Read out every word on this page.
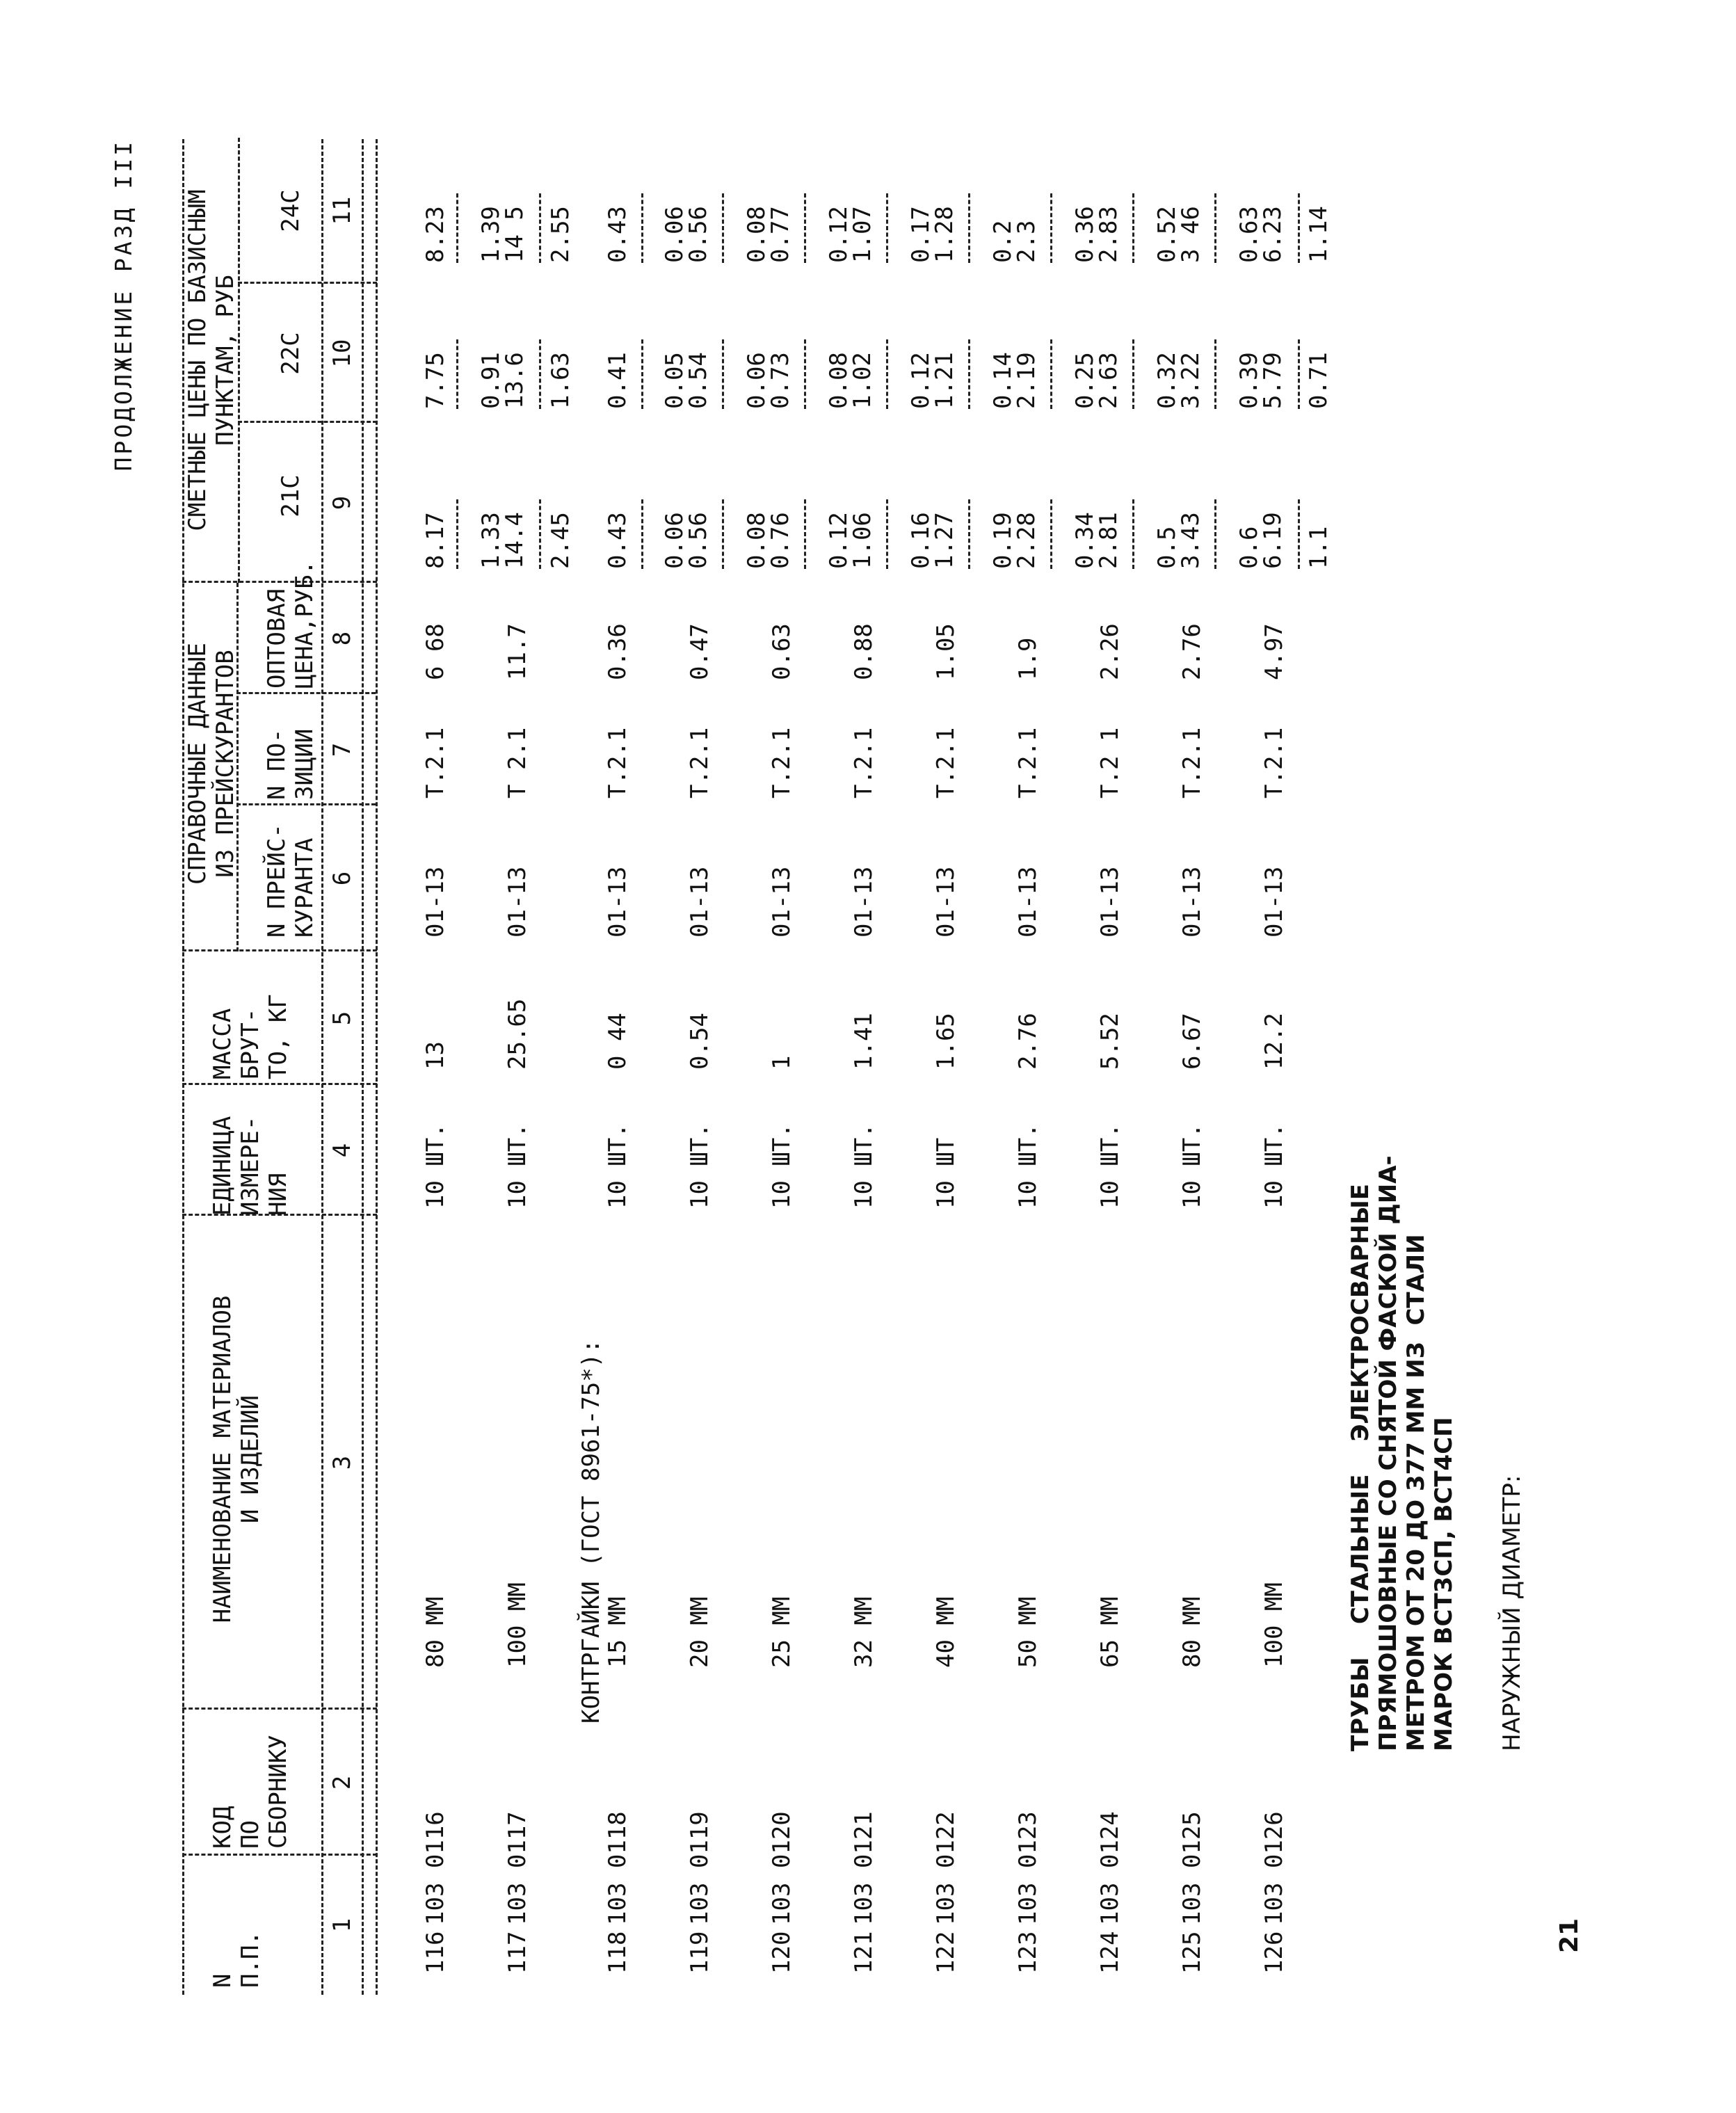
ПРОДОЛЖЕНИЕ РАЗД III
N
П.П.
КОД
ПО
СБОРНИКУ
НАИМЕНОВАНИЕ МАТЕРИАЛОВ
И ИЗДЕЛИЙ
ЕДИНИЦА
ИЗМЕРЕ-
НИЯ
МАССА
БРУТ-
ТО, КГ
СПРАВОЧНЫЕ ДАННЫЕ
ИЗ ПРЕЙСКУРАНТОВ
N ПРЕЙС-
КУРАНТА
N ПО-
ЗИЦИИ
ОПТОВАЯ
ЦЕНА,РУБ.
СМЕТНЫЕ ЦЕНЫ ПО БАЗИСНЫМ
ПУНКТАМ, РУБ
21С
22С
24С
1
2
3
4
5
6
7
8
9
10
11
116
103 0116
80 ММ
10 ШТ.
13
01-13
Т.2.1
6 68
8.17
7.75
8.23
117
103 0117
100 ММ
10 ШТ.
25.65
01-13
Т 2.1
11.7
1.33
14.4
0.91
13.6
1.39
14 5
2.45
1.63
2.55
КОНТРГАЙКИ (ГОСТ 8961-75*):
118
103 0118
15 ММ
10 ШТ.
0 44
01-13
Т.2.1
0.36
0.43
0.41
0.43
119
103 0119
20 ММ
10 ШТ.
0.54
01-13
Т.2.1
0.47
0.06
0.56
0.05
0.54
0.06
0.56
120
103 0120
25 ММ
10 ШТ.
1
01-13
Т.2.1
0.63
0.08
0.76
0.06
0.73
0.08
0.77
121
103 0121
32 ММ
10 ШТ.
1.41
01-13
Т.2.1
0.88
0.12
1.06
0.08
1.02
0.12
1.07
122
103 0122
40 ММ
10 ШТ
1.65
01-13
Т.2.1
1.05
0.16
1.27
0.12
1.21
0.17
1.28
123
103 0123
50 ММ
10 ШТ.
2.76
01-13
Т.2.1
1.9
0.19
2.28
0.14
2.19
0.2
2.3
124
103 0124
65 ММ
10 ШТ.
5.52
01-13
Т.2 1
2.26
0.34
2.81
0.25
2.63
0.36
2.83
125
103 0125
80 ММ
10 ШТ.
6.67
01-13
Т.2.1
2.76
0.5
3.43
0.32
3.22
0.52
3 46
126
103 0126
100 ММ
10 ШТ.
12.2
01-13
Т.2.1
4.97
0.6
6.19
0.39
5.79
0.63
6.23
1.1
0.71
1.14
ТРУБЫ    СТАЛЬНЫЕ    ЭЛЕКТРОСВАРНЫЕ
ПРЯМОШОВНЫЕ СО СНЯТОЙ ФАСКОЙ ДИА-
МЕТРОМ ОТ 20 ДО 377 ММ ИЗ  СТАЛИ
МАРОК ВСТ3СП, ВСТ4СП
НАРУЖНЫЙ ДИАМЕТР:
21
